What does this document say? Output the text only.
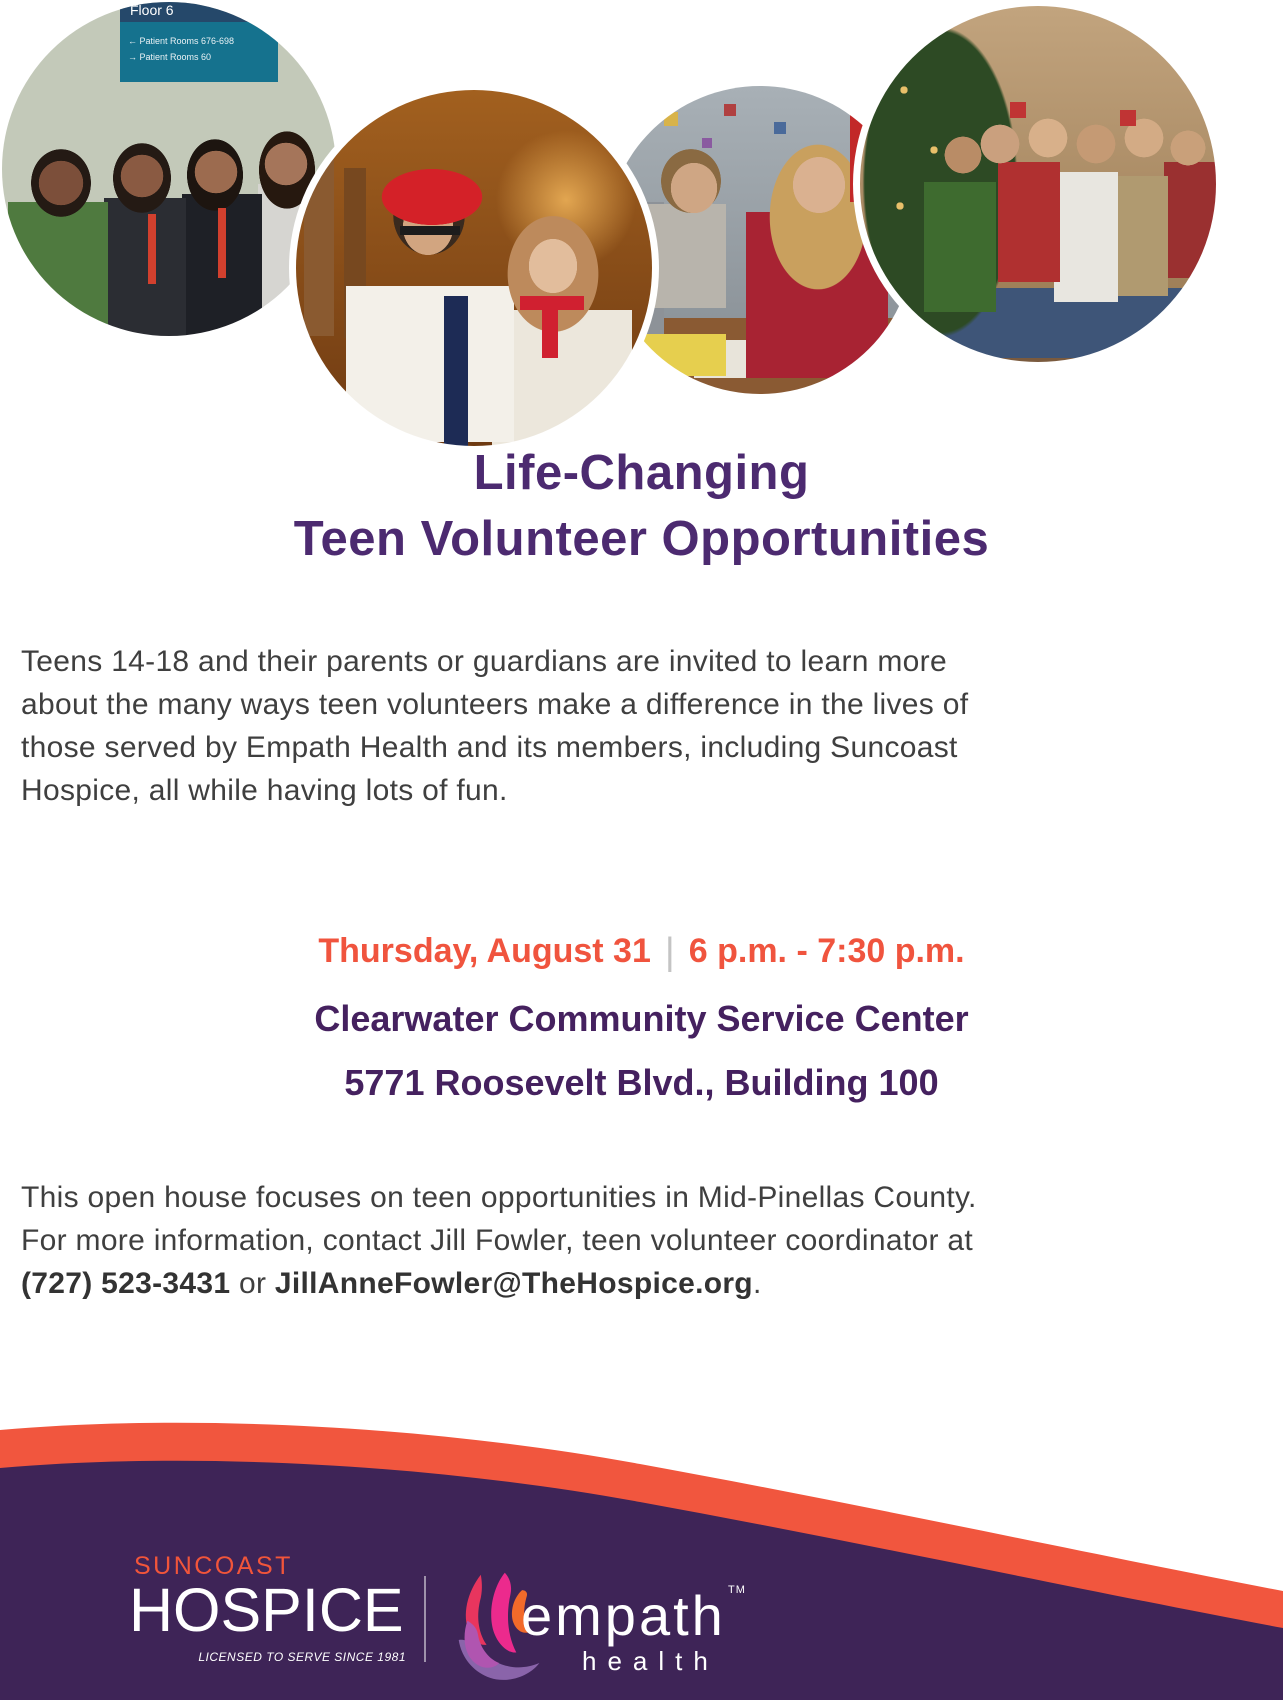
Floor 6
← Patient Rooms 676-698
→ Patient Rooms 60
Life-Changing
Teen Volunteer Opportunities
Teens 14-18 and their parents or guardians are invited to learn more
about the many ways teen volunteers make a difference in the lives of
those served by Empath Health and its members, including Suncoast
Hospice, all while having lots of fun.
Thursday, August 31 | 6 p.m. - 7:30 p.m.
Clearwater Community Service Center
5771 Roosevelt Blvd., Building 100
This open house focuses on teen opportunities in Mid-Pinellas County.
For more information, contact Jill Fowler, teen volunteer coordinator at
(727) 523-3431 or JillAnneFowler@TheHospice.org.
SUNCOAST
HOSPICE
LICENSED TO SERVE SINCE 1981
empath TM
health
